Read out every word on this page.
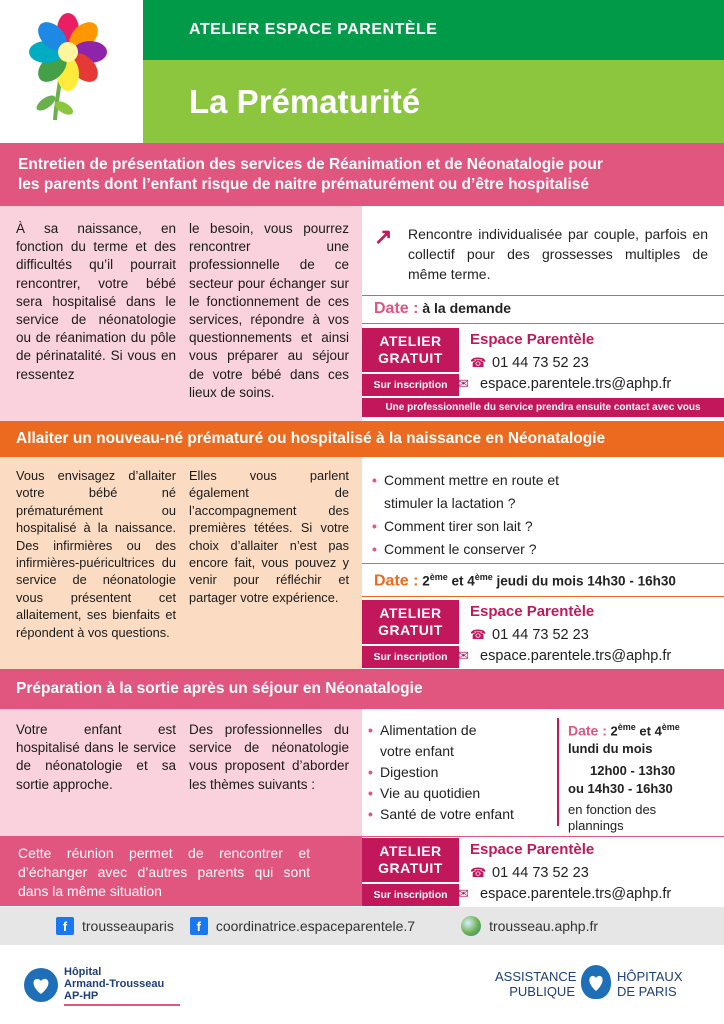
ATELIER ESPACE PARENTÈLE
La Prématurité
Entretien de présentation des services de Réanimation et de Néonatalogie pour
les parents dont l’enfant risque de naitre prématurément ou d’être hospitalisé
À sa naissance, en fonction du terme et des difficultés qu’il pourrait rencontrer, votre bébé sera hospitalisé dans le service de néonatologie ou de réanimation du pôle de périnatalité. Si vous en ressentez
le besoin, vous pourrez rencontrer une professionnelle de ce secteur pour échanger sur le fonctionnement de ces services, répondre à vos questionnements et ainsi vous préparer au séjour de votre bébé dans ces lieux de soins.
↗ Rencontre individualisée par couple, parfois en collectif pour des grossesses multiples de même terme.
Date : à la demande
ATELIER
GRATUIT
Sur inscription
Espace Parentèle
☎ 01 44 73 52 23
✉ espace.parentele.trs@aphp.fr
Une professionnelle du service prendra ensuite contact avec vous
Allaiter un nouveau-né prématuré ou hospitalisé à la naissance en Néonatalogie
Vous envisagez d’allaiter votre bébé né prématurément ou hospitalisé à la naissance. Des infirmières ou des infirmières-puéricultrices du service de néonatologie vous présentent cet allaitement, ses bienfaits et répondent à vos questions.
Elles vous parlent également de l’accompagnement des premières tétées. Si votre choix d’allaiter n’est pas encore fait, vous pouvez y venir pour réfléchir et partager votre expérience.
• Comment mettre en route et stimuler la lactation ?
• Comment tirer son lait ?
• Comment le conserver ?
Date : 2ème et 4ème jeudi du mois 14h30 - 16h30
ATELIER
GRATUIT
Sur inscription
Espace Parentèle
☎ 01 44 73 52 23
✉ espace.parentele.trs@aphp.fr
Préparation à la sortie après un séjour en Néonatalogie
Votre enfant est hospitalisé dans le service de néonatologie et sa sortie approche.
Des professionnelles du service de néonatologie vous proposent d’aborder les thèmes suivants :
• Alimentation de votre enfant
• Digestion
• Vie au quotidien
• Santé de votre enfant
Date : 2ème et 4ème
lundi du mois
12h00 - 13h30
ou 14h30 - 16h30
en fonction des plannings
Cette réunion permet de rencontrer et d’échanger avec d’autres parents qui sont dans la même situation
ATELIER
GRATUIT
Sur inscription
Espace Parentèle
☎ 01 44 73 52 23
✉ espace.parentele.trs@aphp.fr
f	trousseauparis	f	coordinatrice.espaceparentele.7	trousseau.aphp.fr
Hôpital
Armand-Trousseau
AP-HP
ASSISTANCE
PUBLIQUE
HÔPITAUX
DE PARIS
